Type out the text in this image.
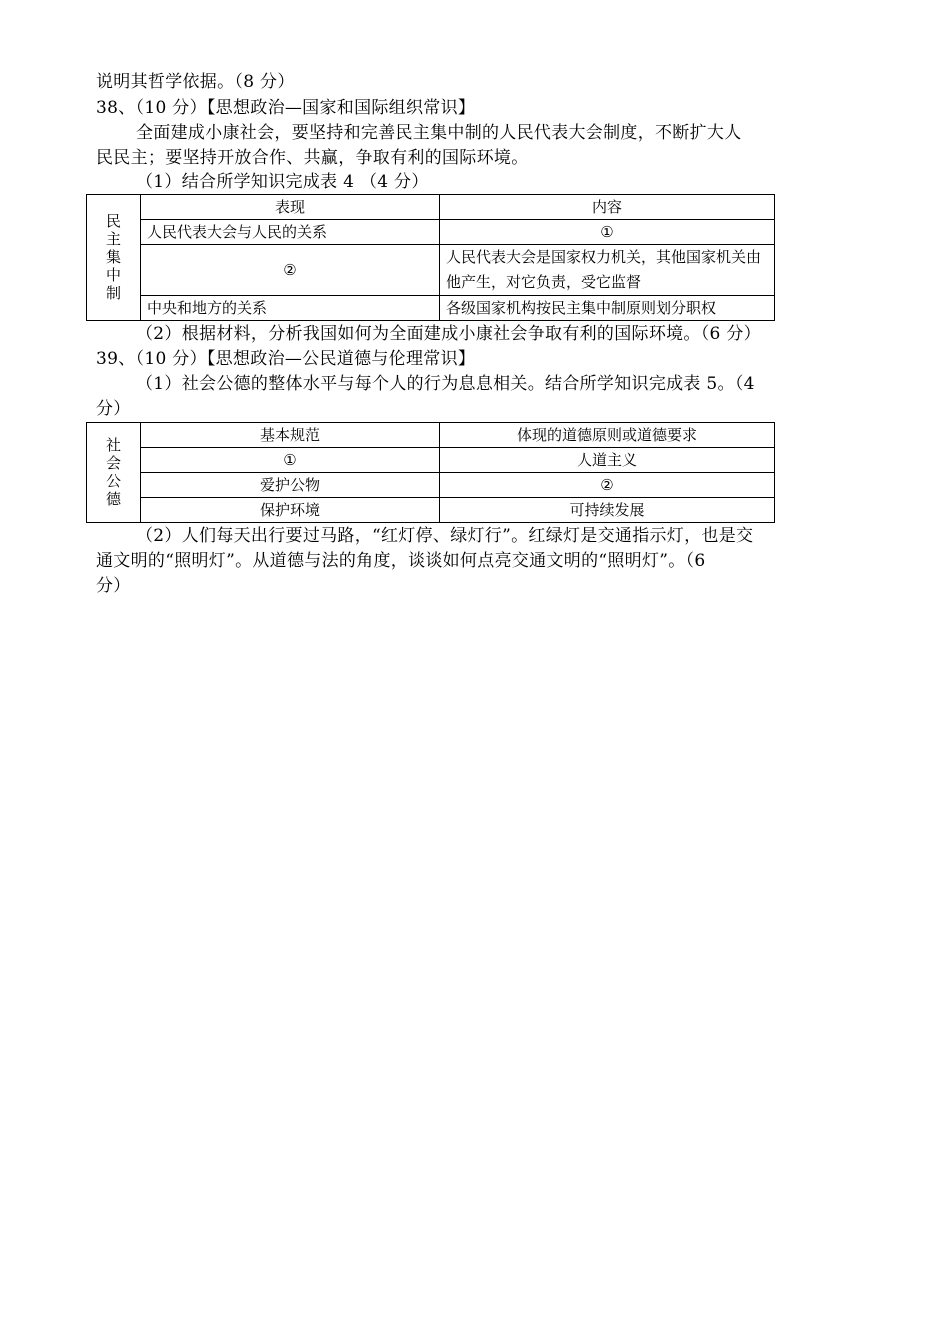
说明其哲学依据。（8 分）
38、（10 分）【思想政治—国家和国际组织常识】
全面建成小康社会，要坚持和完善民主集中制的人民代表大会制度，不断扩大人
民民主；要坚持开放合作、共赢，争取有利的国际环境。
（1）结合所学知识完成表 4 （4 分）
民主集中制	表现	内容
	人民代表大会与人民的关系	①
	②	人民代表大会是国家权力机关，其他国家机关由他产生，对它负责，受它监督
	中央和地方的关系	各级国家机构按民主集中制原则划分职权
（2）根据材料，分析我国如何为全面建成小康社会争取有利的国际环境。（6 分）
39、（10 分）【思想政治—公民道德与伦理常识】
（1）社会公德的整体水平与每个人的行为息息相关。结合所学知识完成表 5。（4
分）
社会公德	基本规范	体现的道德原则或道德要求
	①	人道主义
	爱护公物	②
	保护环境	可持续发展
（2）人们每天出行要过马路，“红灯停、绿灯行”。红绿灯是交通指示灯，也是交
通文明的“照明灯”。从道德与法的角度，谈谈如何点亮交通文明的“照明灯”。（6
分）
